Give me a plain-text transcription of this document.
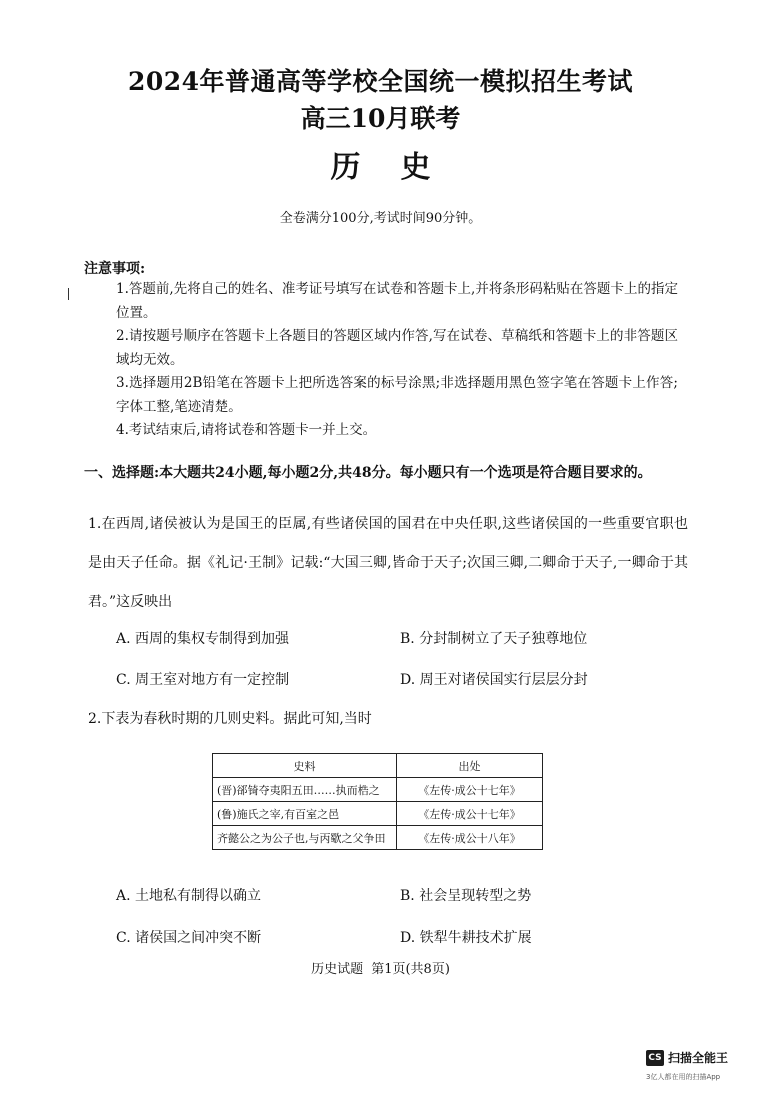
2024年普通高等学校全国统一模拟招生考试
高三10月联考
历史
全卷满分100分,考试时间90分钟。
注意事项:
1.答题前,先将自己的姓名、准考证号填写在试卷和答题卡上,并将条形码粘贴在答题卡上的指定位置。
2.请按题号顺序在答题卡上各题目的答题区域内作答,写在试卷、草稿纸和答题卡上的非答题区域均无效。
3.选择题用2B铅笔在答题卡上把所选答案的标号涂黑;非选择题用黑色签字笔在答题卡上作答;字体工整,笔迹清楚。
4.考试结束后,请将试卷和答题卡一并上交。
一、选择题:本大题共24小题,每小题2分,共48分。每小题只有一个选项是符合题目要求的。
1.在西周,诸侯被认为是国王的臣属,有些诸侯国的国君在中央任职,这些诸侯国的一些重要官职也是由天子任命。据《礼记·王制》记载:“大国三卿,皆命于天子;次国三卿,二卿命于天子,一卿命于其君。”这反映出
A. 西周的集权专制得到加强	B. 分封制树立了天子独尊地位
C. 周王室对地方有一定控制	D. 周王对诸侯国实行层层分封
2.下表为春秋时期的几则史料。据此可知,当时
史料	出处
(晋)郤锜夺夷阳五田……执而梏之	《左传·成公十七年》
(鲁)施氏之宰,有百室之邑	《左传·成公十七年》
齐懿公之为公子也,与丙歜之父争田	《左传·成公十八年》
A. 土地私有制得以确立	B. 社会呈现转型之势
C. 诸侯国之间冲突不断	D. 铁犁牛耕技术扩展
历史试题 第1页(共8页)
CS 扫描全能王
3亿人都在用的扫描App
